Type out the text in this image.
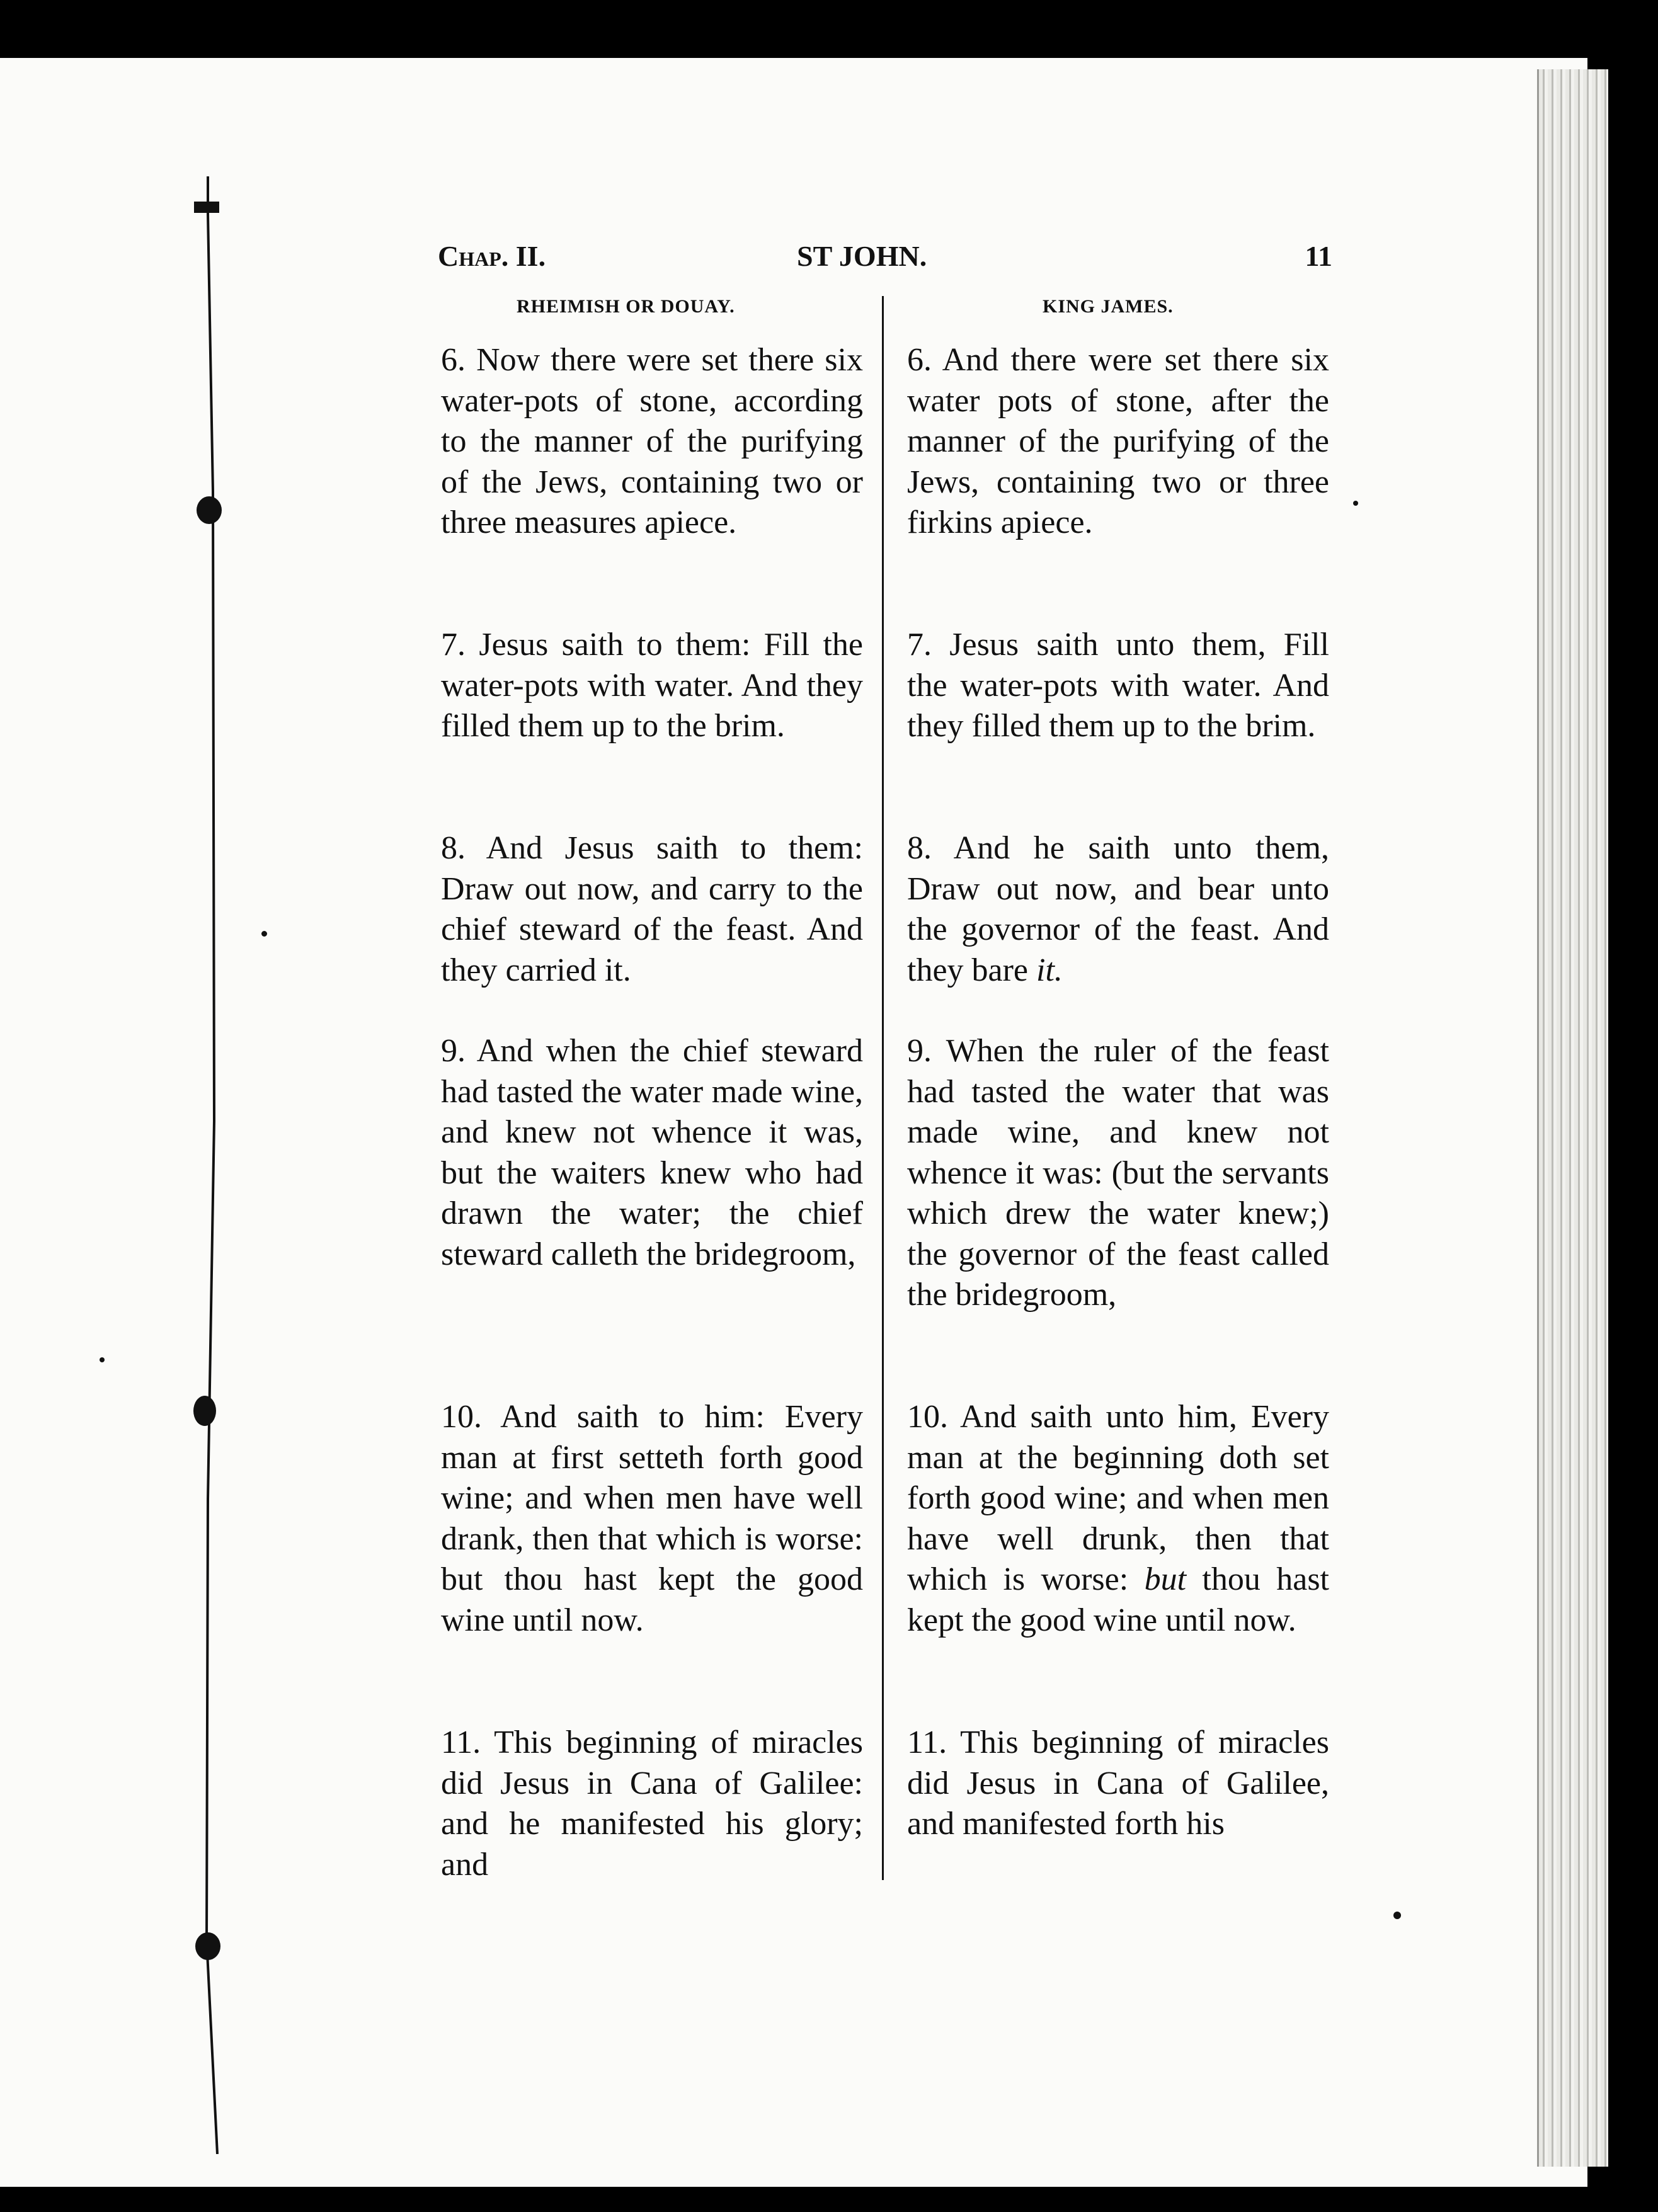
Chap. II.	ST JOHN.	11
RHEIMISH OR DOUAY.	KING JAMES.

6. Now there were set there six water-pots of stone, according to the manner of the purifying of the Jews, containing two or three measures apiece.

7. Jesus saith to them: Fill the water-pots with water. And they filled them up to the brim.

8. And Jesus saith to them: Draw out now, and carry to the chief steward of the feast. And they carried it.

9. And when the chief steward had tasted the water made wine, and knew not whence it was, but the waiters knew who had drawn the water; the chief steward calleth the bridegroom,

10. And saith to him: Every man at first setteth forth good wine; and when men have well drank, then that which is worse: but thou hast kept the good wine until now.

11. This beginning of miracles did Jesus in Cana of Galilee: and he manifested his glory; and

6. And there were set there six water pots of stone, after the manner of the purifying of the Jews, containing two or three firkins apiece.

7. Jesus saith unto them, Fill the water-pots with water. And they filled them up to the brim.

8. And he saith unto them, Draw out now, and bear unto the governor of the feast. And they bare it.

9. When the ruler of the feast had tasted the water that was made wine, and knew not whence it was: (but the servants which drew the water knew;) the governor of the feast called the bridegroom,

10. And saith unto him, Every man at the beginning doth set forth good wine; and when men have well drunk, then that which is worse: but thou hast kept the good wine until now.

11. This beginning of miracles did Jesus in Cana of Galilee, and manifested forth his
